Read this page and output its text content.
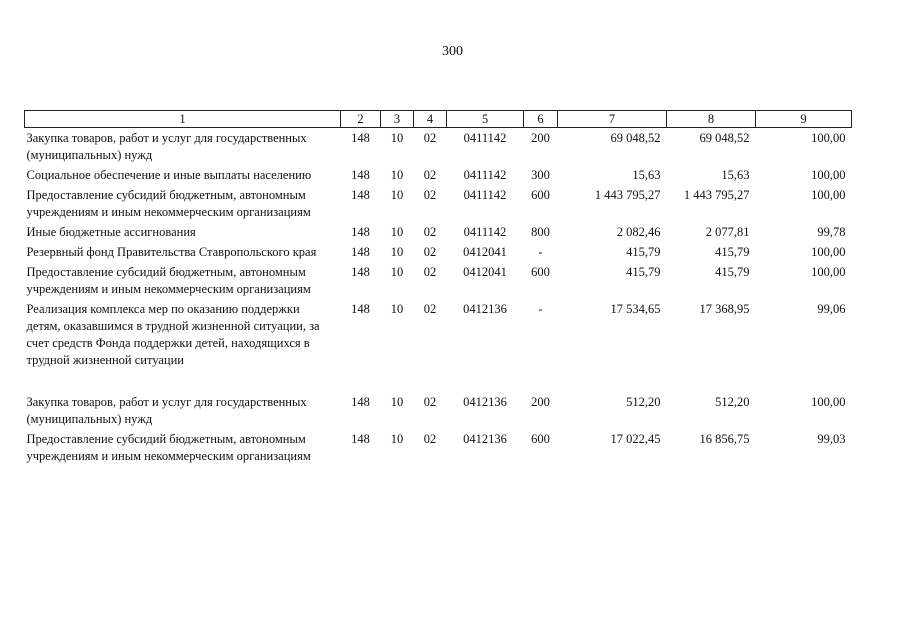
300
1	2	3	4	5	6	7	8	9
Закупка товаров, работ и услуг для государственных (муниципальных) нужд	148	10	02	0411142	200	69 048,52	69 048,52	100,00
Социальное обеспечение и иные выплаты населению	148	10	02	0411142	300	15,63	15,63	100,00
Предоставление субсидий бюджетным, автономным учреждениям и иным некоммерческим организациям	148	10	02	0411142	600	1 443 795,27	1 443 795,27	100,00
Иные бюджетные ассигнования	148	10	02	0411142	800	2 082,46	2 077,81	99,78
Резервный фонд Правительства Ставропольского края	148	10	02	0412041	-	415,79	415,79	100,00
Предоставление субсидий бюджетным, автономным учреждениям и иным некоммерческим организациям	148	10	02	0412041	600	415,79	415,79	100,00
Реализация комплекса мер по оказанию поддержки детям, оказавшимся в трудной жизненной ситуации, за счет средств Фонда поддержки детей, находящихся в трудной жизненной ситуации	148	10	02	0412136	-	17 534,65	17 368,95	99,06

Закупка товаров, работ и услуг для государственных (муниципальных) нужд	148	10	02	0412136	200	512,20	512,20	100,00
Предоставление субсидий бюджетным, автономным учреждениям и иным некоммерческим организациям	148	10	02	0412136	600	17 022,45	16 856,75	99,03
